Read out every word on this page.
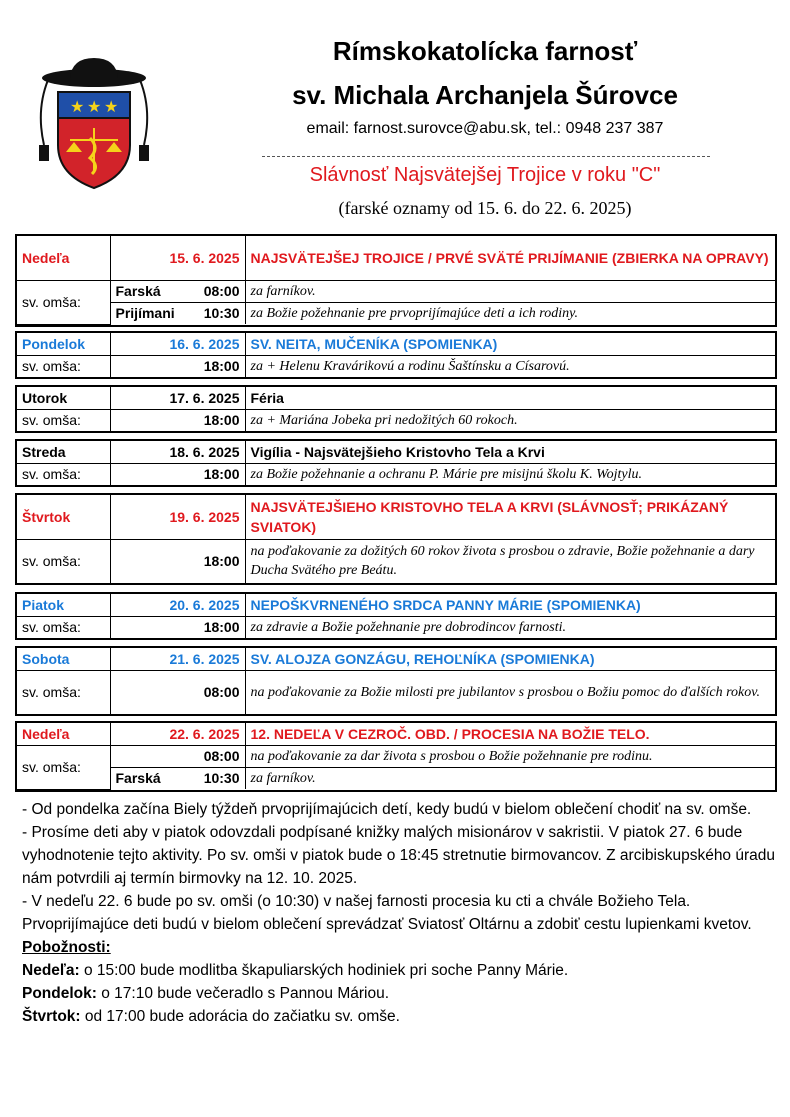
★ ★ ★
Rímskokatolícka farnosť
sv. Michala Archanjela Šúrovce
email: farnost.surovce@abu.sk, tel.: 0948 237 387
Slávnosť Najsvätejšej Trojice v roku "C"
(farské oznamy od 15. 6. do 22. 6. 2025)
Nedeľa	15. 6. 2025	NAJSVÄTEJŠEJ TROJICE / PRVÉ SVÄTÉ PRIJÍMANIE (ZBIERKA NA OPRAVY)
sv. omša:	Farská 08:00	za farníkov.
	Prijímani 10:30	za Božie požehnanie pre prvoprijímajúce deti a ich rodiny.
Pondelok	16. 6. 2025	SV. NEITA, MUČENÍKA (SPOMIENKA)
sv. omša:	18:00	za + Helenu Kravárikovú a rodinu Šaštínsku a Císarovú.
Utorok	17. 6. 2025	Féria
sv. omša:	18:00	za + Mariána Jobeka pri nedožitých 60 rokoch.
Streda	18. 6. 2025	Vigília - Najsvätejšieho Kristovho Tela a Krvi
sv. omša:	18:00	za Božie požehnanie a ochranu P. Márie pre misijnú školu K. Wojtylu.
Štvrtok	19. 6. 2025	NAJSVÄTEJŠIEHO KRISTOVHO TELA A KRVI (SLÁVNOSŤ; PRIKÁZANÝ SVIATOK)
sv. omša:	18:00	na poďakovanie za dožitých 60 rokov života s prosbou o zdravie, Božie požehnanie a dary Ducha Svätého pre Beátu.
Piatok	20. 6. 2025	NEPOŠKVRNENÉHO SRDCA PANNY MÁRIE (SPOMIENKA)
sv. omša:	18:00	za zdravie a Božie požehnanie pre dobrodincov farnosti.
Sobota	21. 6. 2025	SV. ALOJZA GONZÁGU, REHOĽNÍKA (SPOMIENKA)
sv. omša:	08:00	na poďakovanie za Božie milosti pre jubilantov s prosbou o Božiu pomoc do ďalších rokov.
Nedeľa	22. 6. 2025	12. NEDEĽA V CEZROČ. OBD. / PROCESIA NA BOŽIE TELO.
sv. omša:	08:00	na poďakovanie za dar života s prosbou o Božie požehnanie pre rodinu.
	Farská 10:30	za farníkov.

- Od pondelka začína Biely týždeň prvoprijímajúcich detí, kedy budú v bielom oblečení chodiť na sv. omše.

- Prosíme deti aby v piatok odovzdali podpísané knižky malých misionárov v sakristii. V piatok 27. 6 bude vyhodnotenie tejto aktivity. Po sv. omši v piatok bude o 18:45 stretnutie birmovancov. Z arcibiskupského úradu nám potvrdili aj termín birmovky na 12. 10. 2025.

- V nedeľu 22. 6 bude po sv. omši (o 10:30) v našej farnosti procesia ku cti a chvále Božieho Tela. Prvoprijímajúce deti budú v bielom oblečení sprevádzať Sviatosť Oltárnu a zdobiť cestu lupienkami kvetov.

Pobožnosti:

Nedeľa: o 15:00 bude modlitba škapuliarských hodiniek pri soche Panny Márie.

Pondelok: o 17:10 bude večeradlo s Pannou Máriou.

Štvrtok: od 17:00 bude adorácia do začiatku sv. omše.
